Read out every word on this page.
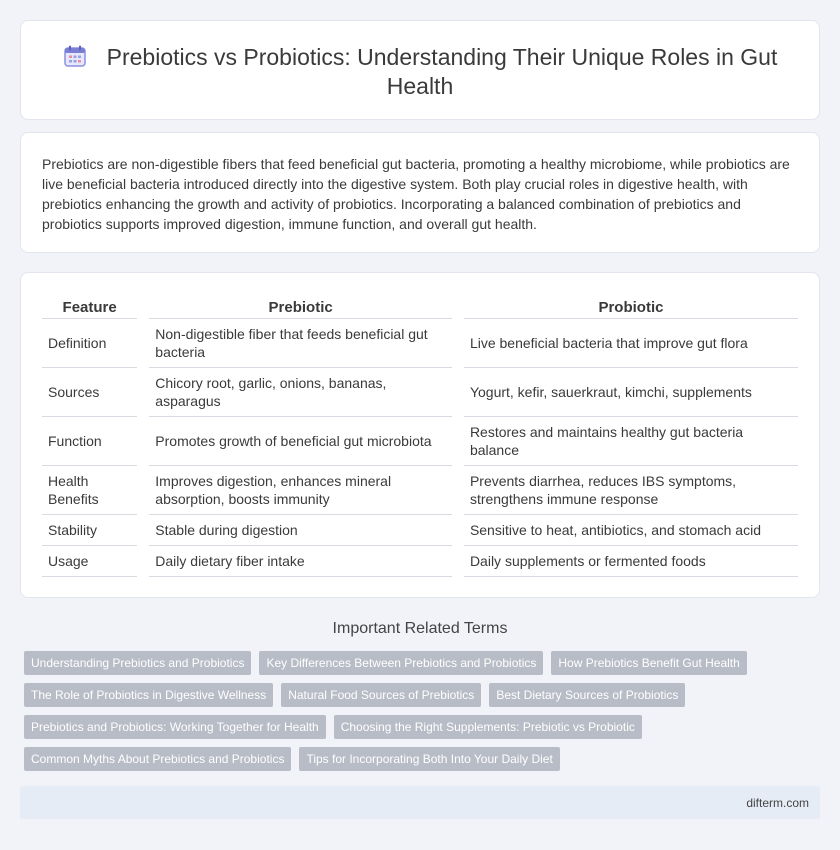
Prebiotics vs Probiotics: Understanding Their Unique Roles in Gut Health

Prebiotics are non-digestible fibers that feed beneficial gut bacteria, promoting a healthy microbiome, while probiotics are live beneficial bacteria introduced directly into the digestive system. Both play crucial roles in digestive health, with prebiotics enhancing the growth and activity of probiotics. Incorporating a balanced combination of prebiotics and probiotics supports improved digestion, immune function, and overall gut health.

Feature		Prebiotic		Probiotic
Definition		Non-digestible fiber that feeds beneficial gut bacteria		Live beneficial bacteria that improve gut flora
Sources		Chicory root, garlic, onions, bananas, asparagus		Yogurt, kefir, sauerkraut, kimchi, supplements
Function		Promotes growth of beneficial gut microbiota		Restores and maintains healthy gut bacteria balance
Health Benefits		Improves digestion, enhances mineral absorption, boosts immunity		Prevents diarrhea, reduces IBS symptoms, strengthens immune response
Stability		Stable during digestion		Sensitive to heat, antibiotics, and stomach acid
Usage		Daily dietary fiber intake		Daily supplements or fermented foods
Important Related Terms
Understanding Prebiotics and Probiotics	Key Differences Between Prebiotics and Probiotics	How Prebiotics Benefit Gut Health
The Role of Probiotics in Digestive Wellness	Natural Food Sources of Prebiotics	Best Dietary Sources of Probiotics
Prebiotics and Probiotics: Working Together for Health	Choosing the Right Supplements: Prebiotic vs Probiotic
Common Myths About Prebiotics and Probiotics	Tips for Incorporating Both Into Your Daily Diet
difterm.com
